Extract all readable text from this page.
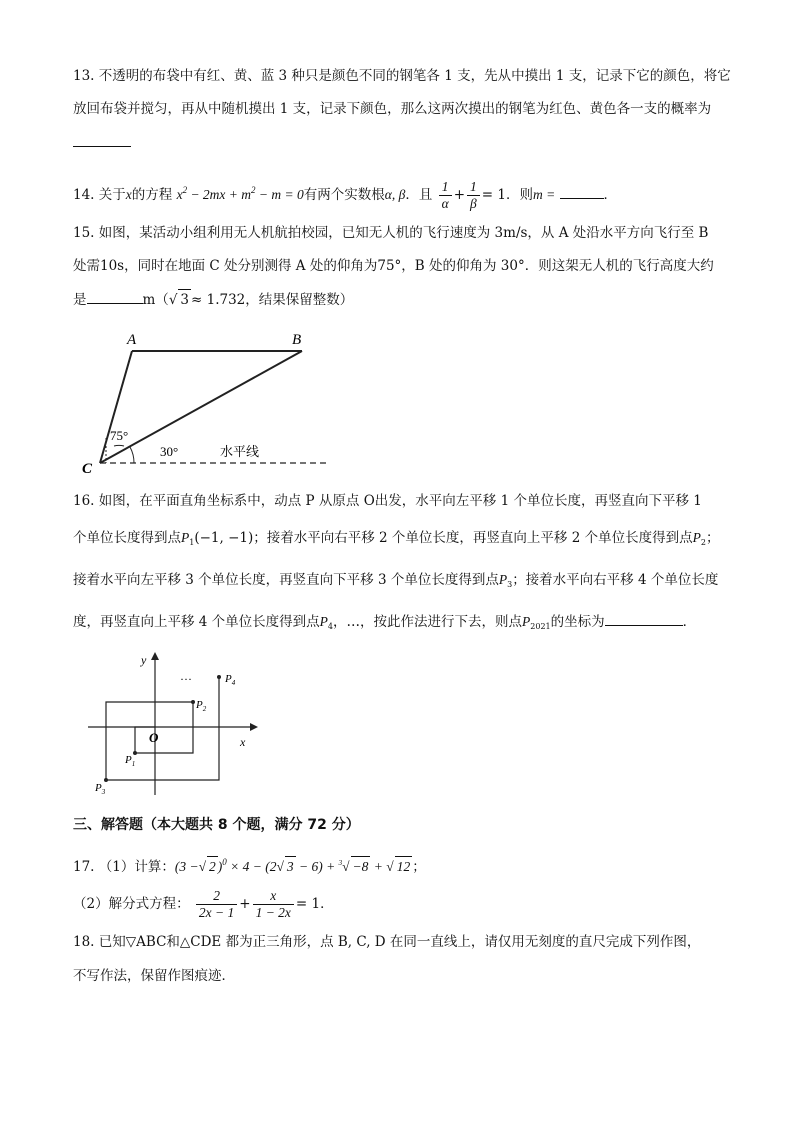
13. 不透明的布袋中有红、黄、蓝 3 种只是颜色不同的钢笔各 1 支，先从中摸出 1 支，记录下它的颜色，将它
放回布袋并搅匀，再从中随机摸出 1 支，记录下颜色，那么这两次摸出的钢笔为红色、黄色各一支的概率为
14. 关于x的方程 $x^2 - 2mx + m^2 - m = 0$有两个实数根α, β．且 $\frac{1}{\alpha} + \frac{1}{\beta} = 1$．则m =	．
15. 如图，某活动小组利用无人机航拍校园，已知无人机的飞行速度为 3m/s，从 A 处沿水平方向飞行至 B
处需10s，同时在地面 C 处分别测得 A 处的仰角为75°，B 处的仰角为 30°．则这架无人机的飞行高度大约
是	m（√ 3 ≈ 1.732，结果保留整数）
A	B
C
75°
30°	水平线
16. 如图，在平面直角坐标系中，动点 P 从原点 O出发，水平向左平移 1 个单位长度，再竖直向下平移 1
个单位长度得到点$P_1(-1$, −1)；接着水平向右平移 2 个单位长度，再竖直向上平移 2 个单位长度得到点$P_2$；
接着水平向左平移 3 个单位长度，再竖直向下平移 3 个单位长度得到点$P_3$；接着水平向右平移 4 个单位长度
度，再竖直向上平移 4 个单位长度得到点$P_4$，…，按此作法进行下去，则点$P_{2021}$的坐标为	．
y
x
O
···
$P_1$
$P_2$
$P_3$
$P_4$
三、解答题（本大题共 8 个题，满分 72 分）
17. （1）计算：(3 −√ 2 )$^0$ × 4 − (2√ 3 − 6) + $^3$√ −8 + √ 12 ；
（2）解分式方程： $\frac{2}{2x - 1} + \frac{x}{1 - 2x} = 1$．
18. 已知▽ABC和△CDE 都为正三角形，点 B, C, D 在同一直线上，请仅用无刻度的直尺完成下列作图，
不写作法，保留作图痕迹．
